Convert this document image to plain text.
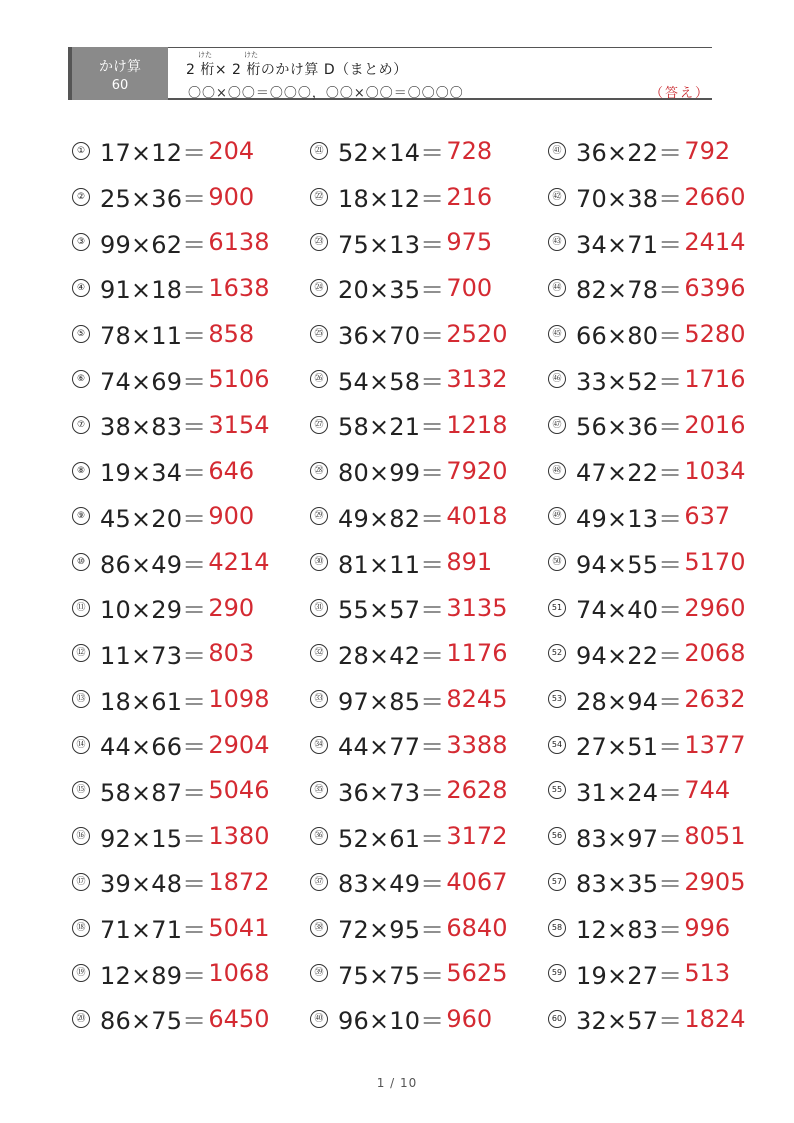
かけ算
60
けた	けた
2 桁× 2 桁のかけ算 D（まとめ）
〇〇×〇〇＝〇〇〇，〇〇×〇〇＝〇〇〇〇	（答え）
① 17×12＝ 204
② 25×36＝ 900
③ 99×62＝ 6138
④ 91×18＝ 1638
⑤ 78×11＝ 858
⑥ 74×69＝ 5106
⑦ 38×83＝ 3154
⑧ 19×34＝ 646
⑨ 45×20＝ 900
⑩ 86×49＝ 4214
⑪ 10×29＝ 290
⑫ 11×73＝ 803
⑬ 18×61＝ 1098
⑭ 44×66＝ 2904
⑮ 58×87＝ 5046
⑯ 92×15＝ 1380
⑰ 39×48＝ 1872
⑱ 71×71＝ 5041
⑲ 12×89＝ 1068
⑳ 86×75＝ 6450
㉑ 52×14＝ 728
㉒ 18×12＝ 216
㉓ 75×13＝ 975
㉔ 20×35＝ 700
㉕ 36×70＝ 2520
㉖ 54×58＝ 3132
㉗ 58×21＝ 1218
㉘ 80×99＝ 7920
㉙ 49×82＝ 4018
㉚ 81×11＝ 891
㉛ 55×57＝ 3135
㉜ 28×42＝ 1176
㉝ 97×85＝ 8245
㉞ 44×77＝ 3388
㉟ 36×73＝ 2628
㊱ 52×61＝ 3172
㊲ 83×49＝ 4067
㊳ 72×95＝ 6840
㊴ 75×75＝ 5625
㊵ 96×10＝ 960
㊶ 36×22＝ 792
㊷ 70×38＝ 2660
㊸ 34×71＝ 2414
㊹ 82×78＝ 6396
㊺ 66×80＝ 5280
㊻ 33×52＝ 1716
㊼ 56×36＝ 2016
㊽ 47×22＝ 1034
㊾ 49×13＝ 637
㊿ 94×55＝ 5170
51 74×40＝ 2960
52 94×22＝ 2068
53 28×94＝ 2632
54 27×51＝ 1377
55 31×24＝ 744
56 83×97＝ 8051
57 83×35＝ 2905
58 12×83＝ 996
59 19×27＝ 513
60 32×57＝ 1824
1 / 10
